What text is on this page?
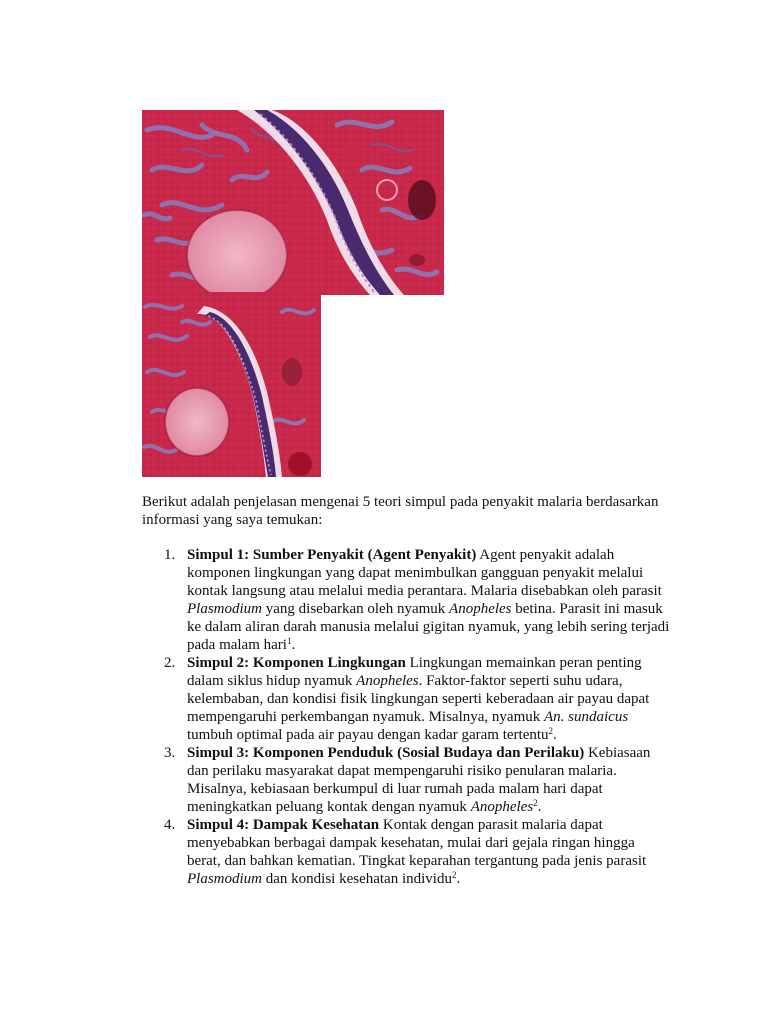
Berikut adalah penjelasan mengenai 5 teori simpul pada penyakit malaria berdasarkan informasi yang saya temukan:

1. Simpul 1: Sumber Penyakit (Agent Penyakit) Agent penyakit adalah komponen lingkungan yang dapat menimbulkan gangguan penyakit melalui kontak langsung atau melalui media perantara. Malaria disebabkan oleh parasit Plasmodium yang disebarkan oleh nyamuk Anopheles betina. Parasit ini masuk ke dalam aliran darah manusia melalui gigitan nyamuk, yang lebih sering terjadi pada malam hari$^1$.
2. Simpul 2: Komponen Lingkungan Lingkungan memainkan peran penting dalam siklus hidup nyamuk Anopheles. Faktor-faktor seperti suhu udara, kelembaban, dan kondisi fisik lingkungan seperti keberadaan air payau dapat mempengaruhi perkembangan nyamuk. Misalnya, nyamuk An. sundaicus tumbuh optimal pada air payau dengan kadar garam tertentu$^2$.
3. Simpul 3: Komponen Penduduk (Sosial Budaya dan Perilaku) Kebiasaan dan perilaku masyarakat dapat mempengaruhi risiko penularan malaria. Misalnya, kebiasaan berkumpul di luar rumah pada malam hari dapat meningkatkan peluang kontak dengan nyamuk Anopheles$^2$.
4. Simpul 4: Dampak Kesehatan Kontak dengan parasit malaria dapat menyebabkan berbagai dampak kesehatan, mulai dari gejala ringan hingga berat, dan bahkan kematian. Tingkat keparahan tergantung pada jenis parasit Plasmodium dan kondisi kesehatan individu$^2$.
